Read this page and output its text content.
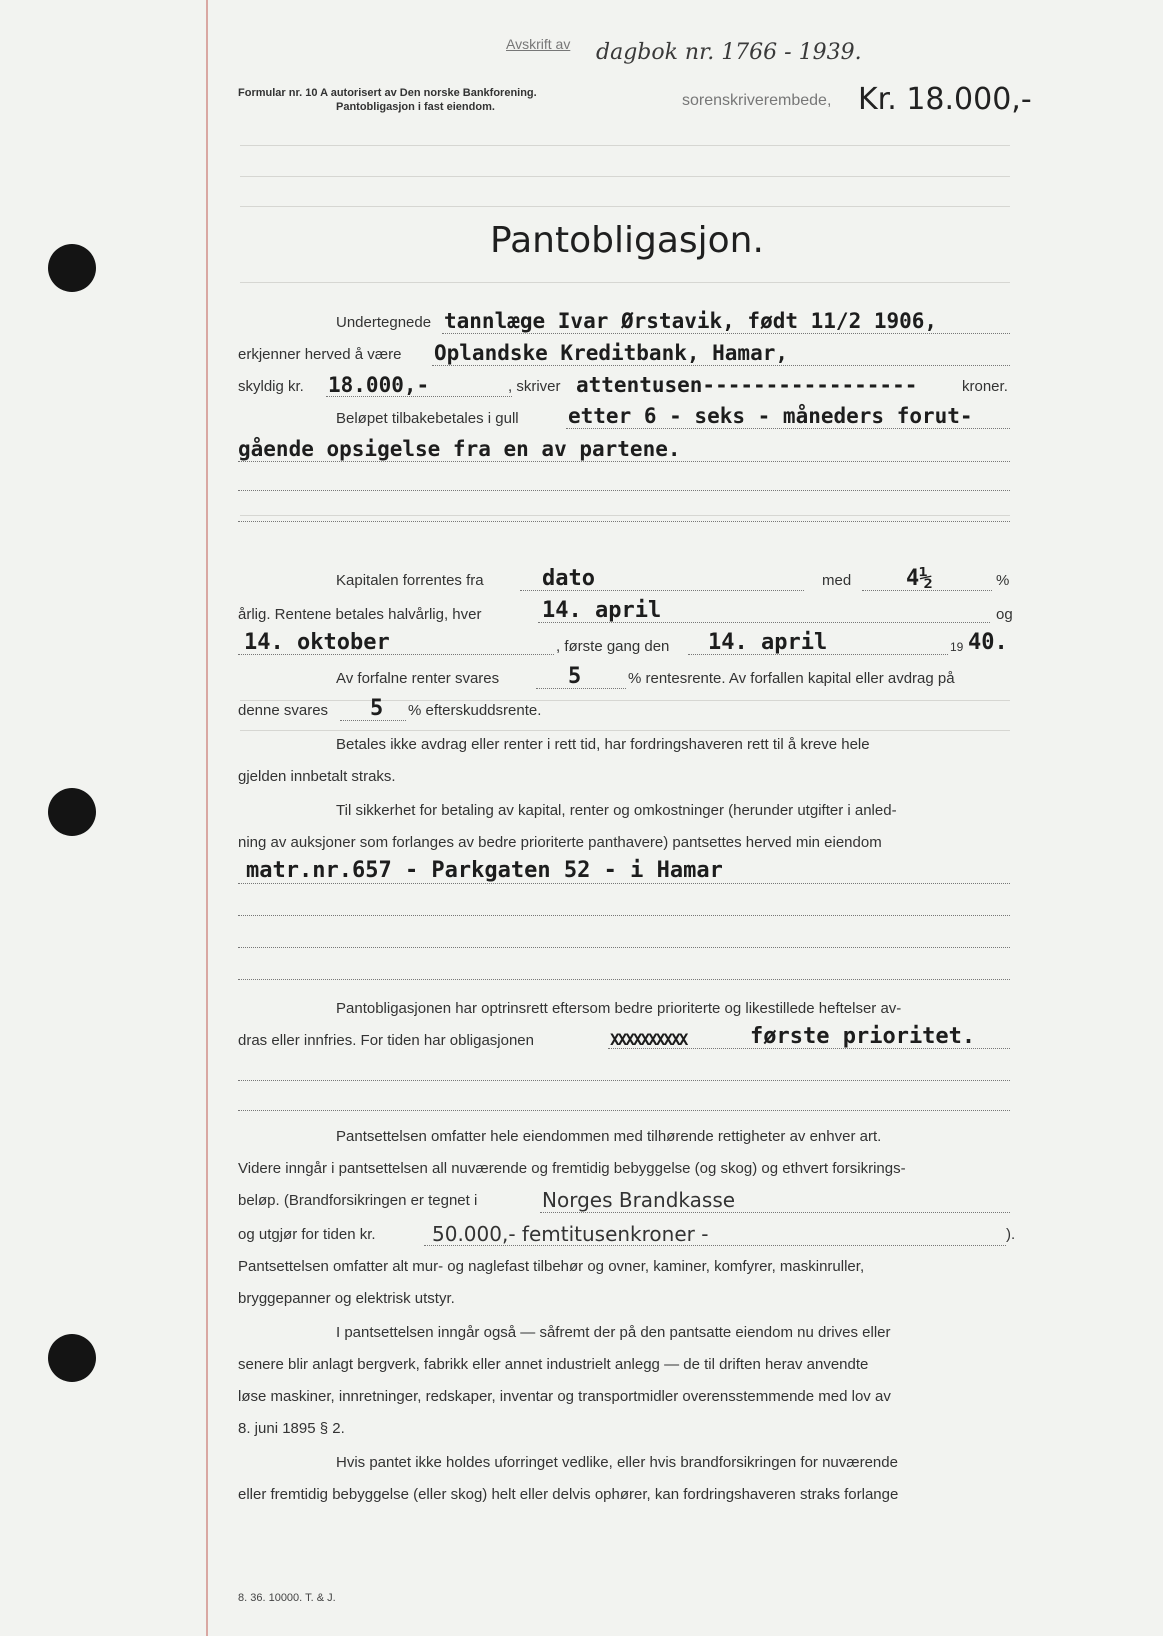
Avskrift av dagbok nr. 1766 - 1939.
sorenskriverembede,
Formular nr. 10 A autorisert av Den norske Bankforening.
Pantobligasjon i fast eiendom.	Kr. 18.000,-
Pantobligasjon.
Undertegnede tannlæge Ivar Ørstavik, født 11/2 1906,
erkjenner herved å være Oplandske Kreditbank, Hamar,
skyldig kr. 18.000,-	, skriver attentusen-----------------	kroner.
Beløpet tilbakebetales i gull etter 6 - seks - måneders forut-
gående opsigelse fra en av partene.
Kapitalen forrentes fra	dato	med 4½	%
årlig. Rentene betales halvårlig, hver	14. april	og
14. oktober	, første gang den 14. april	19 40.
Av forfalne renter svares	5	% rentesrente. Av forfallen kapital eller avdrag på
denne svares 5 % efterskuddsrente.
Betales ikke avdrag eller renter i rett tid, har fordringshaveren rett til å kreve hele
gjelden innbetalt straks.
Til sikkerhet for betaling av kapital, renter og omkostninger (herunder utgifter i anled-
ning av auksjoner som forlanges av bedre prioriterte panthavere) pantsettes herved min eiendom
matr.nr.657 - Parkgaten 52 - i Hamar
Pantobligasjonen har optrinsrett eftersom bedre prioriterte og likestillede heftelser av-
dras eller innfries. For tiden har obligasjonen	XXXXXXXXXX	første prioritet.
Pantsettelsen omfatter hele eiendommen med tilhørende rettigheter av enhver art.
Videre inngår i pantsettelsen all nuværende og fremtidig bebyggelse (og skog) og ethvert forsikrings-
beløp. (Brandforsikringen er tegnet i	Norges Brandkasse
og utgjør for tiden kr.	50.000,- femtitusenkroner -	).
Pantsettelsen omfatter alt mur- og naglefast tilbehør og ovner, kaminer, komfyrer, maskinruller,
bryggepanner og elektrisk utstyr.
I pantsettelsen inngår også — såfremt der på den pantsatte eiendom nu drives eller
senere blir anlagt bergverk, fabrikk eller annet industrielt anlegg — de til driften herav anvendte
løse maskiner, innretninger, redskaper, inventar og transportmidler overensstemmende med lov av
8. juni 1895 § 2.
Hvis pantet ikke holdes uforringet vedlike, eller hvis brandforsikringen for nuværende
eller fremtidig bebyggelse (eller skog) helt eller delvis ophører, kan fordringshaveren straks forlange
8. 36. 10000. T. & J.
